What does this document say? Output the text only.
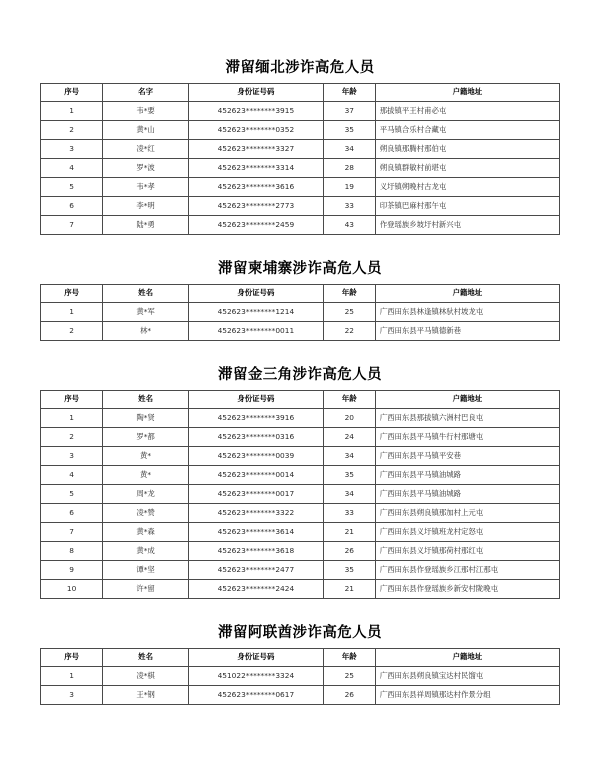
滞留缅北涉诈高危人员
序号	名字	身份证号码	年龄	户籍地址
1	韦*要	452623********3915	37	那拔镇平王村甫必屯
2	黄*山	452623********0352	35	平马镇合乐村合藏屯
3	凌*红	452623********3327	34	朔良镇那腾村那伯屯
4	罗*波	452623********3314	28	朔良镇群敏村前堪屯
5	韦*孝	452623********3616	19	义圩镇朔晚村古龙屯
6	李*明	452623********2773	33	印茶镇巴麻村那午屯
7	陆*勇	452623********2459	43	作登瑶族乡坡圩村新兴屯
滞留柬埔寨涉诈高危人员
序号	姓名	身份证号码	年龄	户籍地址
1	黄*军	452623********1214	25	广西田东县林逢镇林驮村坡龙屯
2	林*	452623********0011	22	广西田东县平马镇德新巷
滞留金三角涉诈高危人员
序号	姓名	身份证号码	年龄	户籍地址
1	陶*贤	452623********3916	20	广西田东县那拔镇六洲村巴良屯
2	罗*都	452623********0316	24	广西田东县平马镇牛行村那塘屯
3	黄*	452623********0039	34	广西田东县平马镇平安巷
4	黄*	452623********0014	35	广西田东县平马镇油城路
5	周*龙	452623********0017	34	广西田东县平马镇油城路
6	凌*赞	452623********3322	33	广西田东县朔良镇那加村上元屯
7	黄*森	452623********3614	21	广西田东县义圩镇班龙村定怒屯
8	黄*成	452623********3618	26	广西田东县义圩镇那荷村那红屯
9	谭*坚	452623********2477	35	广西田东县作登瑶族乡江那村江那屯
10	许*留	452623********2424	21	广西田东县作登瑶族乡新安村陇晚屯
滞留阿联酋涉诈高危人员
序号	姓名	身份证号码	年龄	户籍地址
1	凌*棋	451022********3324	25	广西田东县朔良镇宝达村民馏屯
3	王*钢	452623********0617	26	广西田东县祥周镇那达村作景分组
